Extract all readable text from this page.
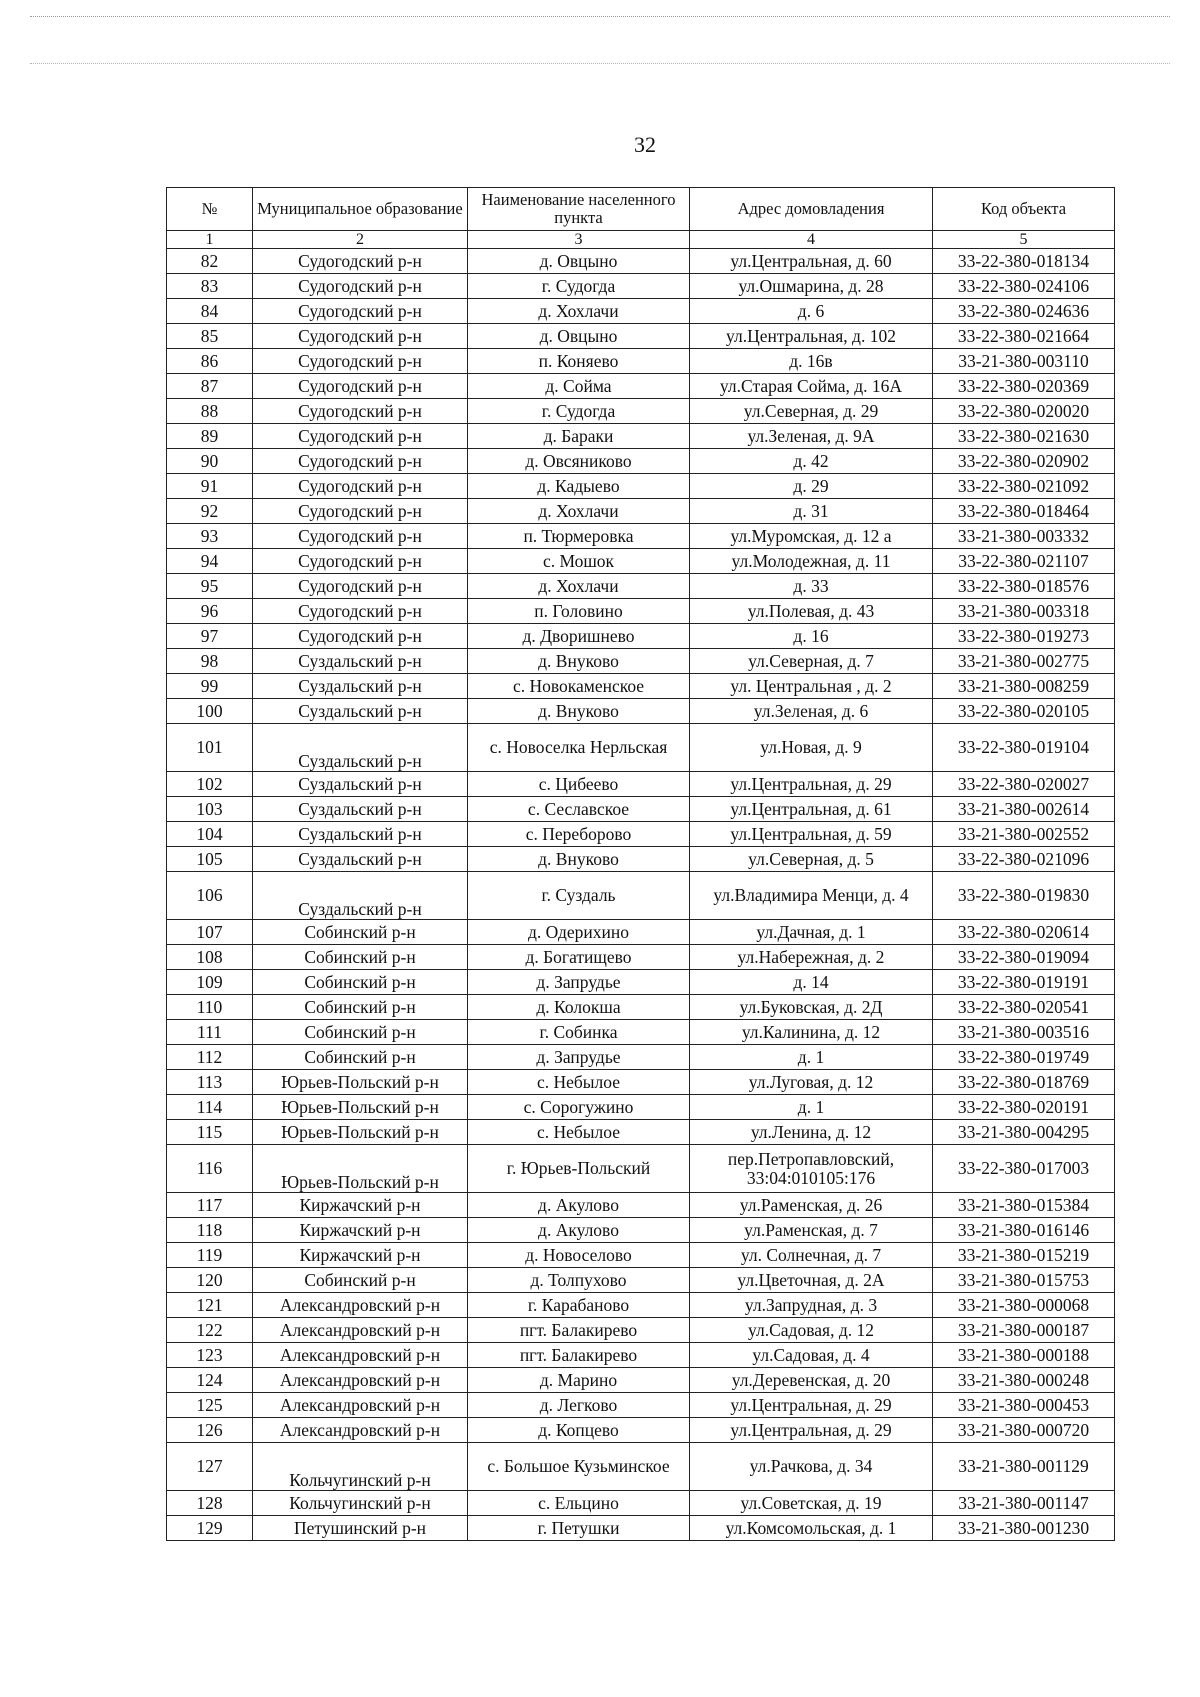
32
№	Муниципальное образование	Наименование населенного пункта	Адрес домовладения	Код объекта
1	2	3	4	5
82	Судогодский р-н	д. Овцыно	ул.Центральная, д. 60	33-22-380-018134
83	Судогодский р-н	г. Судогда	ул.Ошмарина, д. 28	33-22-380-024106
84	Судогодский р-н	д. Хохлачи	д. 6	33-22-380-024636
85	Судогодский р-н	д. Овцыно	ул.Центральная, д. 102	33-22-380-021664
86	Судогодский р-н	п. Коняево	д. 16в	33-21-380-003110
87	Судогодский р-н	д. Сойма	ул.Старая Сойма, д. 16А	33-22-380-020369
88	Судогодский р-н	г. Судогда	ул.Северная, д. 29	33-22-380-020020
89	Судогодский р-н	д. Бараки	ул.Зеленая, д. 9А	33-22-380-021630
90	Судогодский р-н	д. Овсяниково	д. 42	33-22-380-020902
91	Судогодский р-н	д. Кадыево	д. 29	33-22-380-021092
92	Судогодский р-н	д. Хохлачи	д. 31	33-22-380-018464
93	Судогодский р-н	п. Тюрмеровка	ул.Муромская, д. 12 а	33-21-380-003332
94	Судогодский р-н	с. Мошок	ул.Молодежная, д. 11	33-22-380-021107
95	Судогодский р-н	д. Хохлачи	д. 33	33-22-380-018576
96	Судогодский р-н	п. Головино	ул.Полевая, д. 43	33-21-380-003318
97	Судогодский р-н	д. Дворишнево	д. 16	33-22-380-019273
98	Суздальский р-н	д. Внуково	ул.Северная, д. 7	33-21-380-002775
99	Суздальский р-н	с. Новокаменское	ул. Центральная , д. 2	33-21-380-008259
100	Суздальский р-н	д. Внуково	ул.Зеленая, д. 6	33-22-380-020105
101	Суздальский р-н	с. Новоселка Нерльская	ул.Новая, д. 9	33-22-380-019104
102	Суздальский р-н	с. Цибеево	ул.Центральная, д. 29	33-22-380-020027
103	Суздальский р-н	с. Сеславское	ул.Центральная, д. 61	33-21-380-002614
104	Суздальский р-н	с. Переборово	ул.Центральная, д. 59	33-21-380-002552
105	Суздальский р-н	д. Внуково	ул.Северная, д. 5	33-22-380-021096
106	Суздальский р-н	г. Суздаль	ул.Владимира Менци, д. 4	33-22-380-019830
107	Собинский р-н	д. Одерихино	ул.Дачная, д. 1	33-22-380-020614
108	Собинский р-н	д. Богатищево	ул.Набережная, д. 2	33-22-380-019094
109	Собинский р-н	д. Запрудье	д. 14	33-22-380-019191
110	Собинский р-н	д. Колокша	ул.Буковская, д. 2Д	33-22-380-020541
111	Собинский р-н	г. Собинка	ул.Калинина, д. 12	33-21-380-003516
112	Собинский р-н	д. Запрудье	д. 1	33-22-380-019749
113	Юрьев-Польский р-н	с. Небылое	ул.Луговая, д. 12	33-22-380-018769
114	Юрьев-Польский р-н	с. Сорогужино	д. 1	33-22-380-020191
115	Юрьев-Польский р-н	с. Небылое	ул.Ленина, д. 12	33-21-380-004295
116	Юрьев-Польский р-н	г. Юрьев-Польский	пер.Петропавловский, 33:04:010105:176	33-22-380-017003
117	Киржачский р-н	д. Акулово	ул.Раменская, д. 26	33-21-380-015384
118	Киржачский р-н	д. Акулово	ул.Раменская, д. 7	33-21-380-016146
119	Киржачский р-н	д. Новоселово	ул. Солнечная, д. 7	33-21-380-015219
120	Собинский р-н	д. Толпухово	ул.Цветочная, д. 2А	33-21-380-015753
121	Александровский р-н	г. Карабаново	ул.Запрудная, д. 3	33-21-380-000068
122	Александровский р-н	пгт. Балакирево	ул.Садовая, д. 12	33-21-380-000187
123	Александровский р-н	пгт. Балакирево	ул.Садовая, д. 4	33-21-380-000188
124	Александровский р-н	д. Марино	ул.Деревенская, д. 20	33-21-380-000248
125	Александровский р-н	д. Легково	ул.Центральная, д. 29	33-21-380-000453
126	Александровский р-н	д. Копцево	ул.Центральная, д. 29	33-21-380-000720
127	Кольчугинский р-н	с. Большое Кузьминское	ул.Рачкова, д. 34	33-21-380-001129
128	Кольчугинский р-н	с. Ельцино	ул.Советская, д. 19	33-21-380-001147
129	Петушинский р-н	г. Петушки	ул.Комсомольская, д. 1	33-21-380-001230
